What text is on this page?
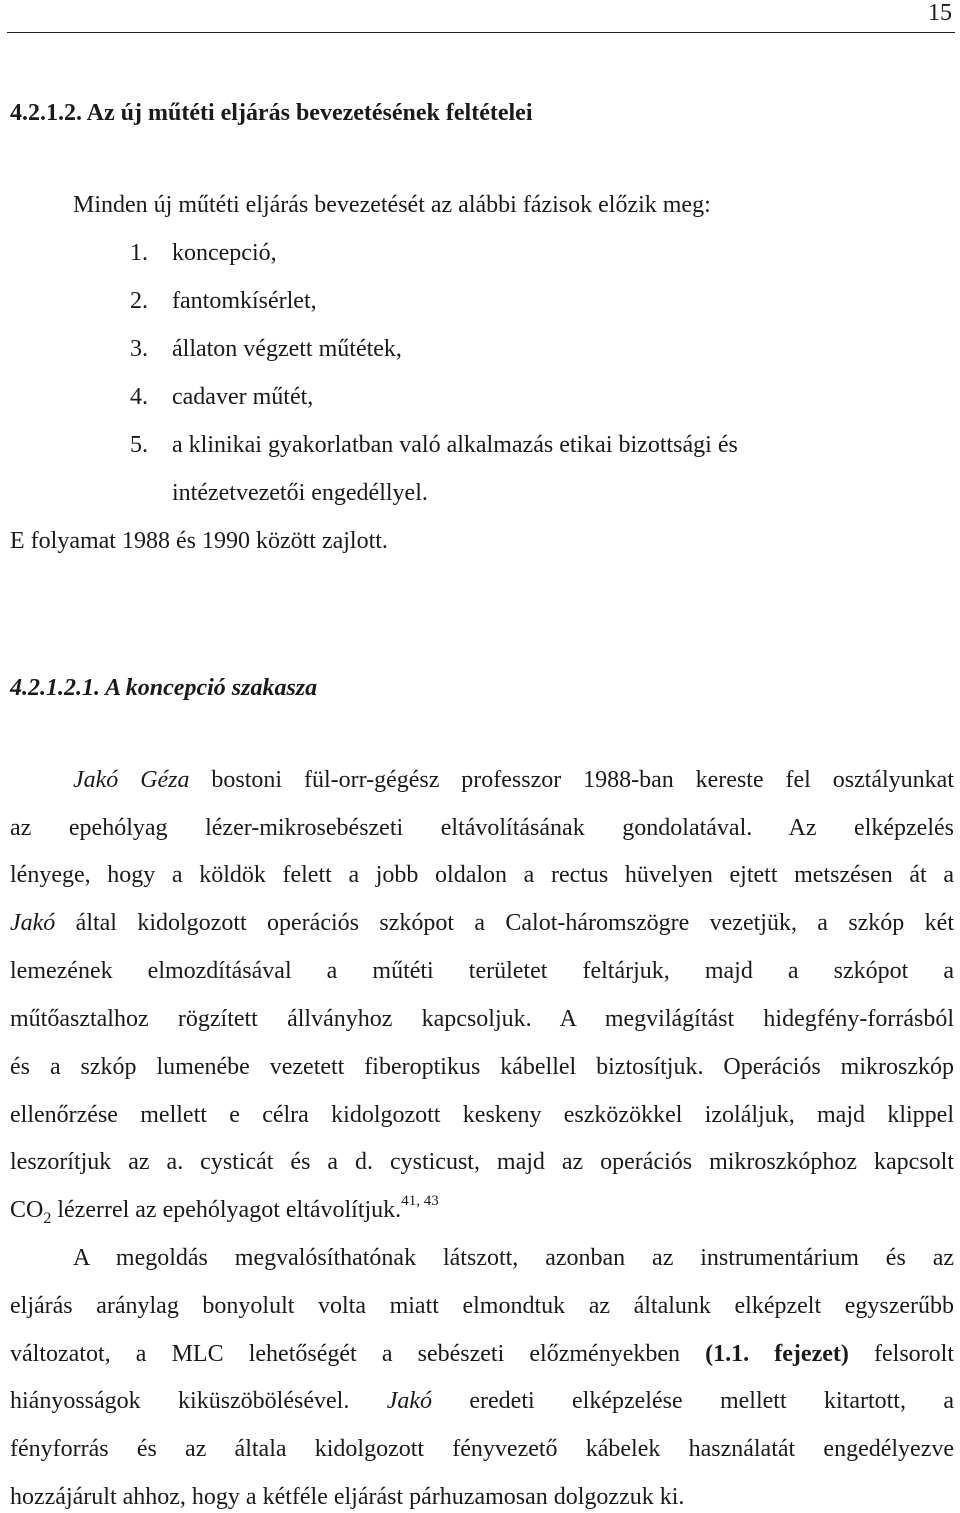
15
4.2.1.2. Az új műtéti eljárás bevezetésének feltételei
Minden új műtéti eljárás bevezetését az alábbi fázisok előzik meg:
1. koncepció,
2. fantomkísérlet,
3. állaton végzett műtétek,
4. cadaver műtét,
5. a klinikai gyakorlatban való alkalmazás etikai bizottsági és
intézetvezetői engedéllyel.
E folyamat 1988 és 1990 között zajlott.
4.2.1.2.1. A koncepció szakasza
Jakó Géza bostoni fül-orr-gégész professzor 1988-ban kereste fel osztályunkat
az epehólyag lézer-mikrosebészeti eltávolításának gondolatával. Az elképzelés
lényege, hogy a köldök felett a jobb oldalon a rectus hüvelyen ejtett metszésen át a
Jakó által kidolgozott operációs szkópot a Calot-háromszögre vezetjük, a szkóp két
lemezének elmozdításával a műtéti területet feltárjuk, majd a szkópot a
műtőasztalhoz rögzített állványhoz kapcsoljuk. A megvilágítást hidegfény-forrásból
és a szkóp lumenébe vezetett fiberoptikus kábellel biztosítjuk. Operációs mikroszkóp
ellenőrzése mellett e célra kidolgozott keskeny eszközökkel izoláljuk, majd klippel
leszorítjuk az a. cysticát és a d. cysticust, majd az operációs mikroszkóphoz kapcsolt
$CO_2$ lézerrel az epehólyagot eltávolítjuk.$^{41, 43}$
A megoldás megvalósíthatónak látszott, azonban az instrumentárium és az
eljárás aránylag bonyolult volta miatt elmondtuk az általunk elképzelt egyszerűbb
változatot, a MLC lehetőségét a sebészeti előzményekben (1.1. fejezet) felsorolt
hiányosságok kiküszöbölésével. Jakó eredeti elképzelése mellett kitartott, a
fényforrás és az általa kidolgozott fényvezető kábelek használatát engedélyezve
hozzájárult ahhoz, hogy a kétféle eljárást párhuzamosan dolgozzuk ki.
